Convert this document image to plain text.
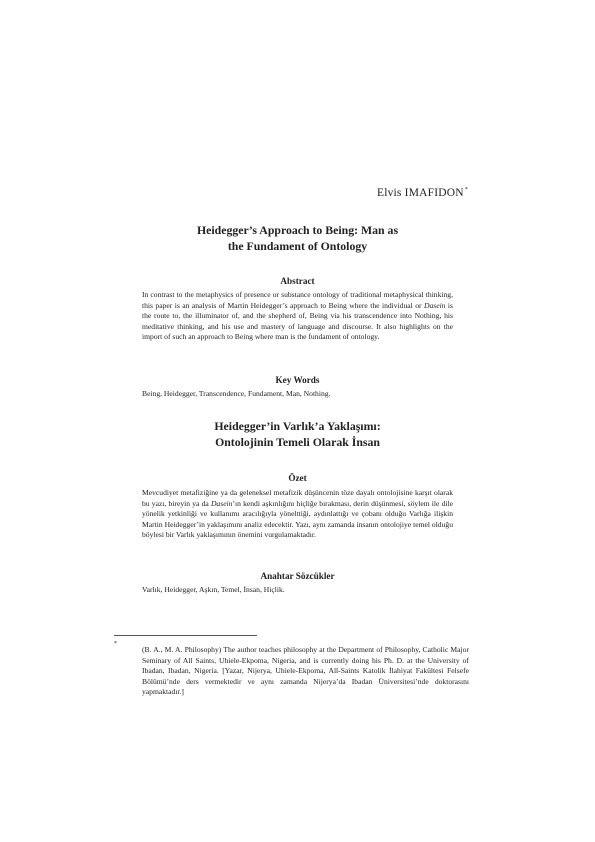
Elvis IMAFIDON*
Heidegger’s Approach to Being: Man as
the Fundament of Ontology
Abstract
In contrast to the metaphysics of presence or substance ontology of traditional metaphysical thinking, this paper is an analysis of Martin Heidegger’s approach to Being where the individual or Dasein is the route to, the illuminator of, and the shepherd of, Being via his transcendence into Nothing, his meditative thinking, and his use and mastery of language and discourse. It also highlights on the import of such an approach to Being where man is the fundament of ontology.
Key Words
Being, Heidegger, Transcendence, Fundament, Man, Nothing.
Heidegger’in Varlık’a Yaklaşımı:
Ontolojinin Temeli Olarak İnsan
Özet
Mevcudiyet metafiziğine ya da geleneksel metafizik düşüncenin töze dayalı ontolojisine karşıt olarak bu yazı, bireyin ya da Dasein’ın kendi aşkınlığını hiçliğe bırakması, derin düşünmesi, söylem ile dile yönelik yetkinliği ve kullanımı aracılığıyla yönelttiği, aydınlattığı ve çobanı olduğu Varlığa ilişkin Martin Heidegger’in yaklaşımını analiz edecektir. Yazı, aynı zamanda insanın ontolojiye temel olduğu böylesi bir Varlık yaklaşımının önemini vurgulamaktadır.
Anahtar Sözcükler
Varlık, Heidegger, Aşkın, Temel, İnsan, Hiçlik.
*
(B. A., M. A. Philosophy) The author teaches philosophy at the Department of Philosophy, Catholic Major Seminary of All Saints, Uhiele-Ekpoma, Nigeria, and is currently doing his Ph. D. at the University of Ibadan, Ibadan, Nigeria. [Yazar, Nijerya, Uhiele-Ekpoma, All-Saints Katolik İlahiyat Fakültesi Felsefe Bölümü’nde ders vermektedir ve aynı zamanda Nijerya’da Ibadan Üniversitesi’nde doktorasını yapmaktadır.]
